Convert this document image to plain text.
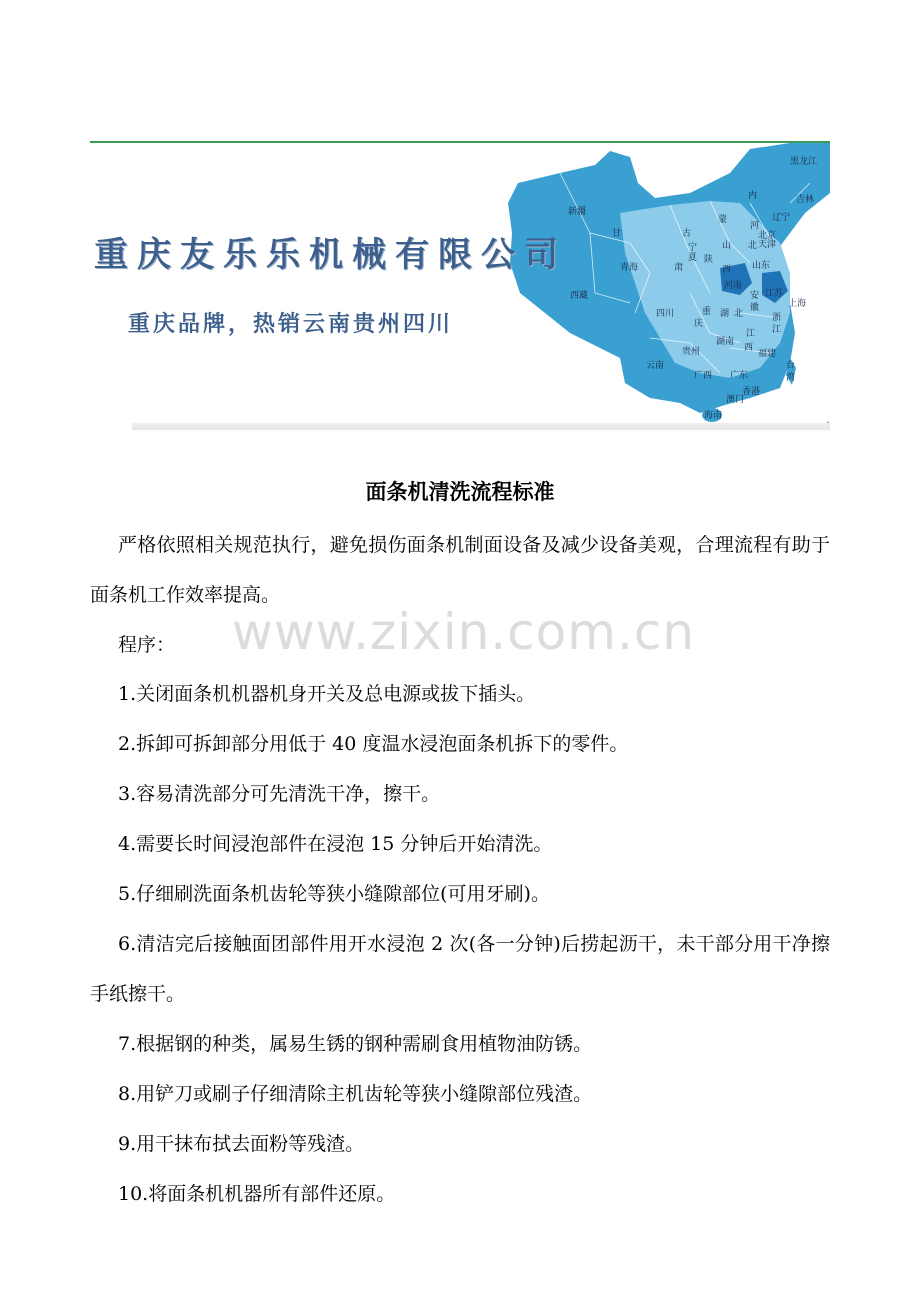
黑龙江
吉林
辽宁
内
蒙
新疆
甘	古
宁
夏
肃
陕
山
西
河
北
北京
天津
山东
青海
西藏
四川	重
庆
河南
湖 北
安
徽
江苏
上海
浙
江
湖南
江
西
贵州	福建
云南
广西 广东
台
湾
香港
澳门
海南
重庆友乐乐机械有限公司
重庆品牌，热销云南贵州四川
www.zixin.com.cn
面条机清洗流程标准

严格依照相关规范执行，避免损伤面条机制面设备及减少设备美观，合理流程有助于面条机工作效率提高。

程序：

1.关闭面条机机器机身开关及总电源或拔下插头。

2.拆卸可拆卸部分用低于 40 度温水浸泡面条机拆下的零件。

3.容易清洗部分可先清洗干净，擦干。

4.需要长时间浸泡部件在浸泡 15 分钟后开始清洗。

5.仔细刷洗面条机齿轮等狭小缝隙部位(可用牙刷)。

6.清洁完后接触面团部件用开水浸泡 2 次(各一分钟)后捞起沥干，未干部分用干净擦手纸擦干。

7.根据钢的种类，属易生锈的钢种需刷食用植物油防锈。

8.用铲刀或刷子仔细清除主机齿轮等狭小缝隙部位残渣。

9.用干抹布拭去面粉等残渣。

10.将面条机机器所有部件还原。
